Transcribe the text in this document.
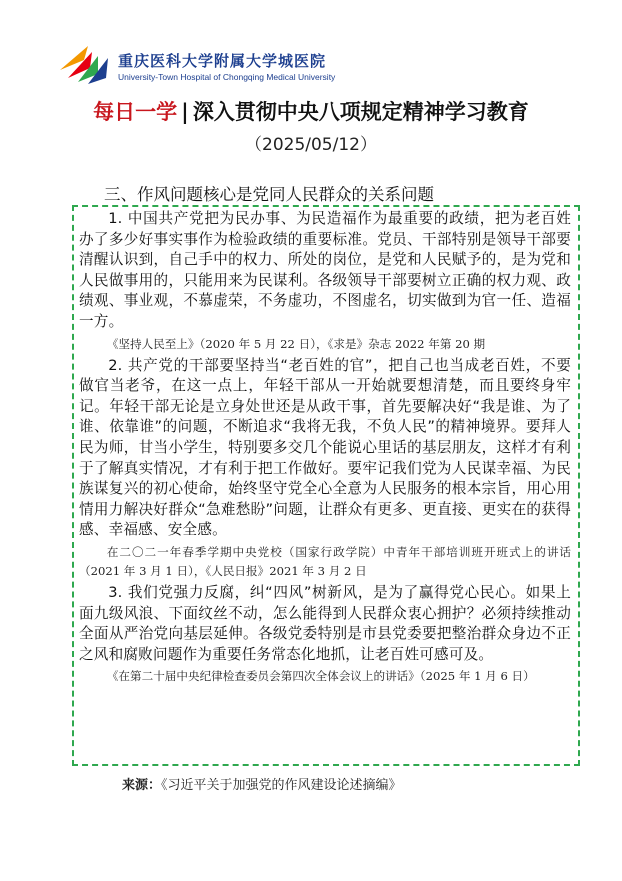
重庆医科大学附属大学城医院
University-Town Hospital of Chongqing Medical University
每日一学 | 深入贯彻中央八项规定精神学习教育
（2025/05/12）
三、作风问题核心是党同人民群众的关系问题

1. 中国共产党把为民办事、为民造福作为最重要的政绩，把为老百姓办了多少好事实事作为检验政绩的重要标准。党员、干部特别是领导干部要清醒认识到，自己手中的权力、所处的岗位，是党和人民赋予的，是为党和人民做事用的，只能用来为民谋利。各级领导干部要树立正确的权力观、政绩观、事业观，不慕虚荣，不务虚功，不图虚名，切实做到为官一任、造福一方。

《坚持人民至上》（2020 年 5 月 22 日），《求是》杂志 2022 年第 20 期

2. 共产党的干部要坚持当“老百姓的官”，把自己也当成老百姓，不要做官当老爷，在这一点上，年轻干部从一开始就要想清楚，而且要终身牢记。年轻干部无论是立身处世还是从政干事，首先要解决好“我是谁、为了谁、依靠谁”的问题，不断追求“我将无我，不负人民”的精神境界。要拜人民为师，甘当小学生，特别要多交几个能说心里话的基层朋友，这样才有利于了解真实情况，才有利于把工作做好。要牢记我们党为人民谋幸福、为民族谋复兴的初心使命，始终坚守党全心全意为人民服务的根本宗旨，用心用情用力解决好群众“急难愁盼”问题，让群众有更多、更直接、更实在的获得感、幸福感、安全感。

在二〇二一年春季学期中央党校（国家行政学院）中青年干部培训班开班式上的讲话（2021 年 3 月 1 日），《人民日报》2021 年 3 月 2 日

3. 我们党强力反腐，纠“四风”树新风，是为了赢得党心民心。如果上面九级风浪、下面纹丝不动，怎么能得到人民群众衷心拥护？必须持续推动全面从严治党向基层延伸。各级党委特别是市县党委要把整治群众身边不正之风和腐败问题作为重要任务常态化地抓，让老百姓可感可及。

《在第二十届中央纪律检查委员会第四次全体会议上的讲话》（2025 年 1 月 6 日）

来源：《习近平关于加强党的作风建设论述摘编》
